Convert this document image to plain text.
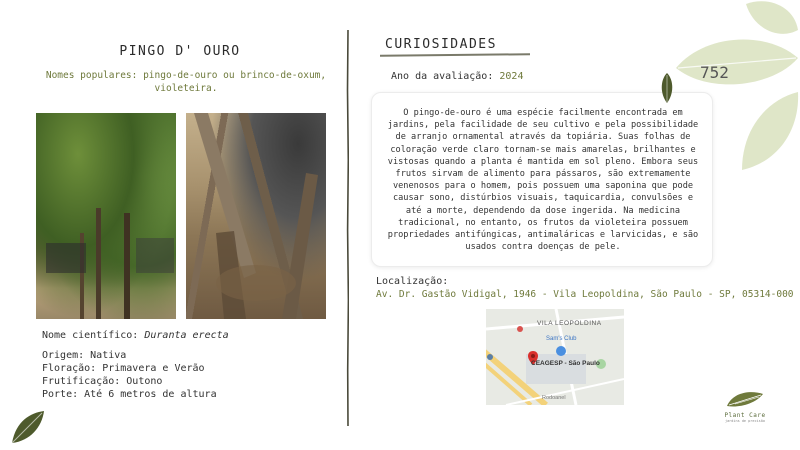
PINGO D' OURO
Nomes populares: pingo-de-ouro ou brinco-de-oxum, violeteira.
Nome científico: Duranta erecta
Origem: Nativa
Floração: Primavera e Verão
Frutificação: Outono
Porte: Até 6 metros de altura
CURIOSIDADES
Ano da avaliação: 2024

O pingo-de-ouro é uma espécie facilmente encontrada em jardins, pela facilidade de seu cultivo e pela possibilidade de arranjo ornamental através da topiária. Suas folhas de coloração verde claro tornam-se mais amarelas, brilhantes e vistosas quando a planta é mantida em sol pleno. Embora seus frutos sirvam de alimento para pássaros, são extremamente venenosos para o homem, pois possuem uma saponina que pode causar sono, distúrbios visuais, taquicardia, convulsões e até a morte, dependendo da dose ingerida. Na medicina tradicional, no entanto, os frutos da violeteira possuem propriedades antifúngicas, antimaláricas e larvicidas, e são usados contra doenças de pele.

Localização:
Av. Dr. Gastão Vidigal, 1946 - Vila Leopoldina, São Paulo - SP, 05314-000
VILA LEOPOLDINA
Sam's Club
CEAGESP - São Paulo
Rodoanel
752
Plant Care
jardins de precisão
